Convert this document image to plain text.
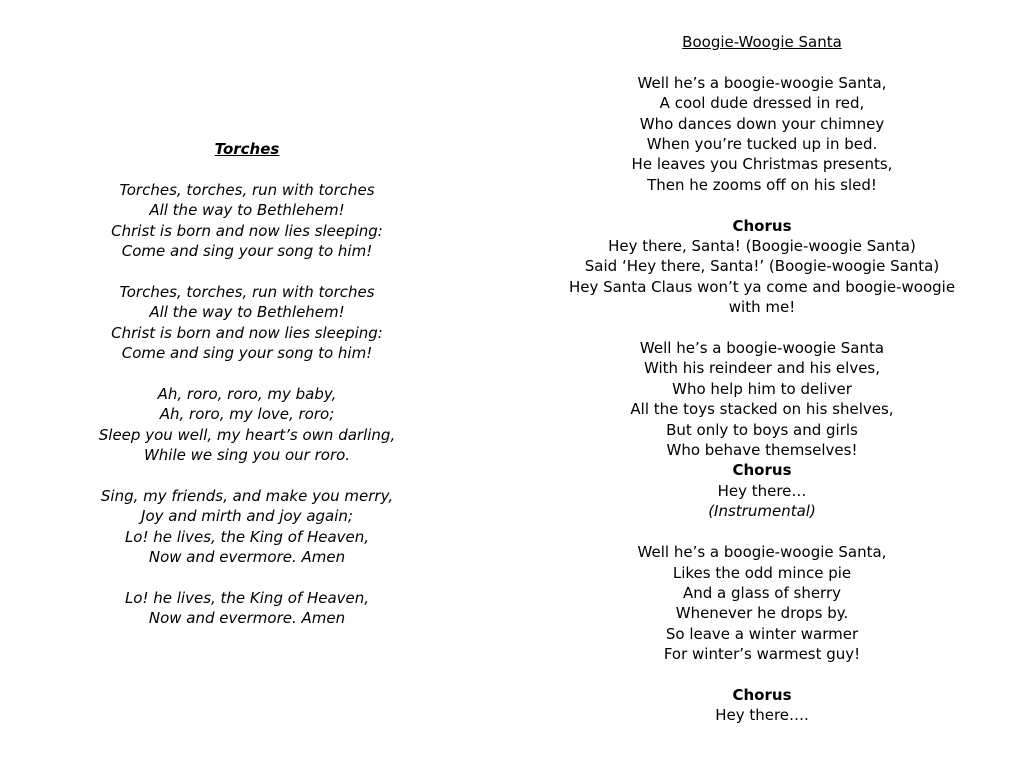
Torches
Torches, torches, run with torches
All the way to Bethlehem!
Christ is born and now lies sleeping:
Come and sing your song to him!
Torches, torches, run with torches
All the way to Bethlehem!
Christ is born and now lies sleeping:
Come and sing your song to him!
Ah, roro, roro, my baby,
Ah, roro, my love, roro;
Sleep you well, my heart’s own darling,
While we sing you our roro.
Sing, my friends, and make you merry,
Joy and mirth and joy again;
Lo! he lives, the King of Heaven,
Now and evermore. Amen
Lo! he lives, the King of Heaven,
Now and evermore. Amen
Boogie-Woogie Santa
Well he’s a boogie-woogie Santa,
A cool dude dressed in red,
Who dances down your chimney
When you’re tucked up in bed.
He leaves you Christmas presents,
Then he zooms off on his sled!
Chorus
Hey there, Santa! (Boogie-woogie Santa)
Said ‘Hey there, Santa!’ (Boogie-woogie Santa)
Hey Santa Claus won’t ya come and boogie-woogie with me!
Well he’s a boogie-woogie Santa
With his reindeer and his elves,
Who help him to deliver
All the toys stacked on his shelves,
But only to boys and girls
Who behave themselves!
Chorus
Hey there…
(Instrumental)
Well he’s a boogie-woogie Santa,
Likes the odd mince pie
And a glass of sherry
Whenever he drops by.
So leave a winter warmer
For winter’s warmest guy!
Chorus
Hey there….
